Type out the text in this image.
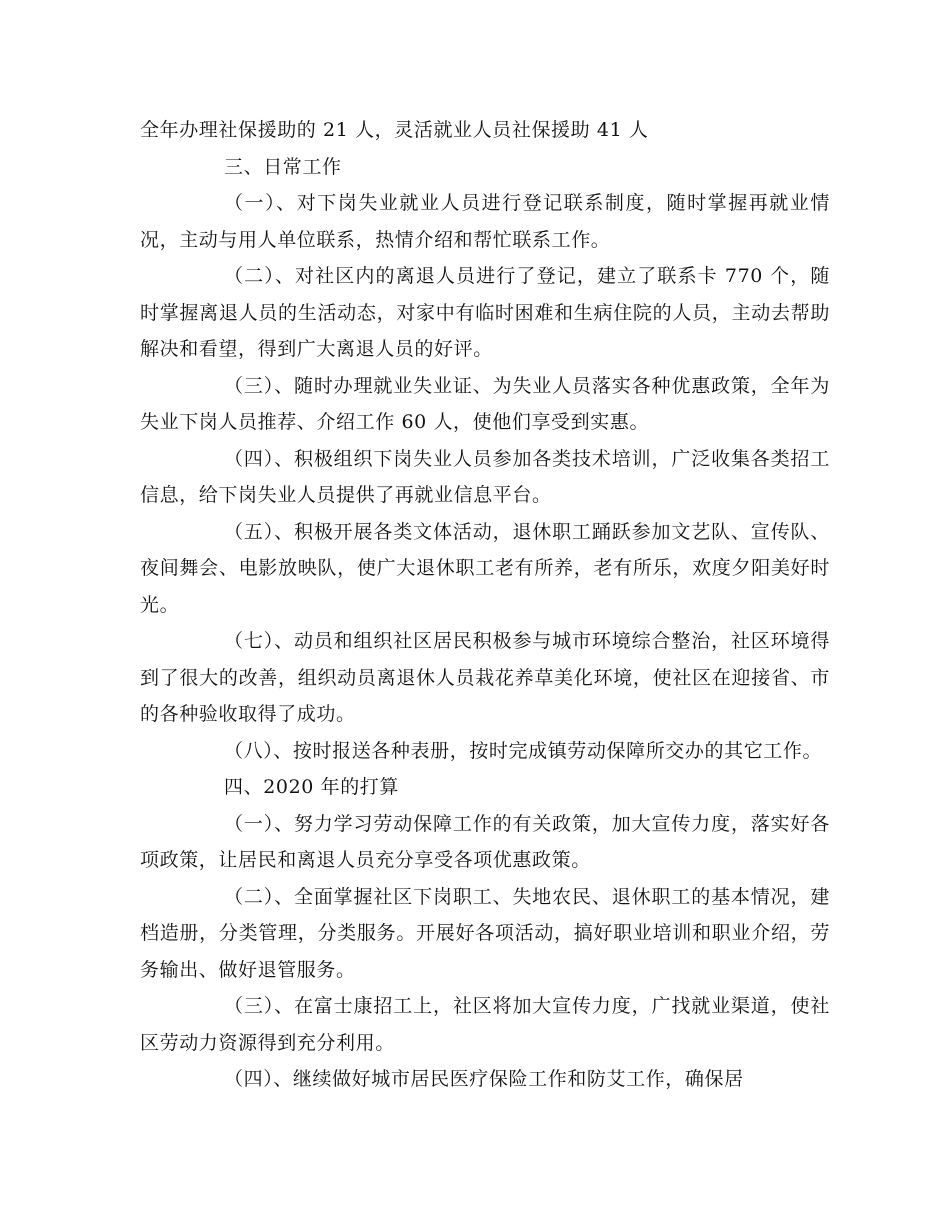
全年办理社保援助的 21 人，灵活就业人员社保援助 41 人

三、日常工作

（一）、对下岗失业就业人员进行登记联系制度，随时掌握再就业情况，主动与用人单位联系，热情介绍和帮忙联系工作。

（二）、对社区内的离退人员进行了登记，建立了联系卡 770 个，随时掌握离退人员的生活动态，对家中有临时困难和生病住院的人员，主动去帮助解决和看望，得到广大离退人员的好评。

（三）、随时办理就业失业证、为失业人员落实各种优惠政策，全年为失业下岗人员推荐、介绍工作 60 人，使他们享受到实惠。

（四）、积极组织下岗失业人员参加各类技术培训，广泛收集各类招工信息，给下岗失业人员提供了再就业信息平台。

（五）、积极开展各类文体活动，退休职工踊跃参加文艺队、宣传队、夜间舞会、电影放映队，使广大退休职工老有所养，老有所乐，欢度夕阳美好时光。

（七）、动员和组织社区居民积极参与城市环境综合整治，社区环境得到了很大的改善，组织动员离退休人员栽花养草美化环境，使社区在迎接省、市的各种验收取得了成功。

（八）、按时报送各种表册，按时完成镇劳动保障所交办的其它工作。

四、2020 年的打算

（一）、努力学习劳动保障工作的有关政策，加大宣传力度，落实好各项政策，让居民和离退人员充分享受各项优惠政策。

（二）、全面掌握社区下岗职工、失地农民、退休职工的基本情况，建档造册，分类管理，分类服务。开展好各项活动，搞好职业培训和职业介绍，劳务输出、做好退管服务。

（三）、在富士康招工上，社区将加大宣传力度，广找就业渠道，使社区劳动力资源得到充分利用。

（四）、继续做好城市居民医疗保险工作和防艾工作，确保居
